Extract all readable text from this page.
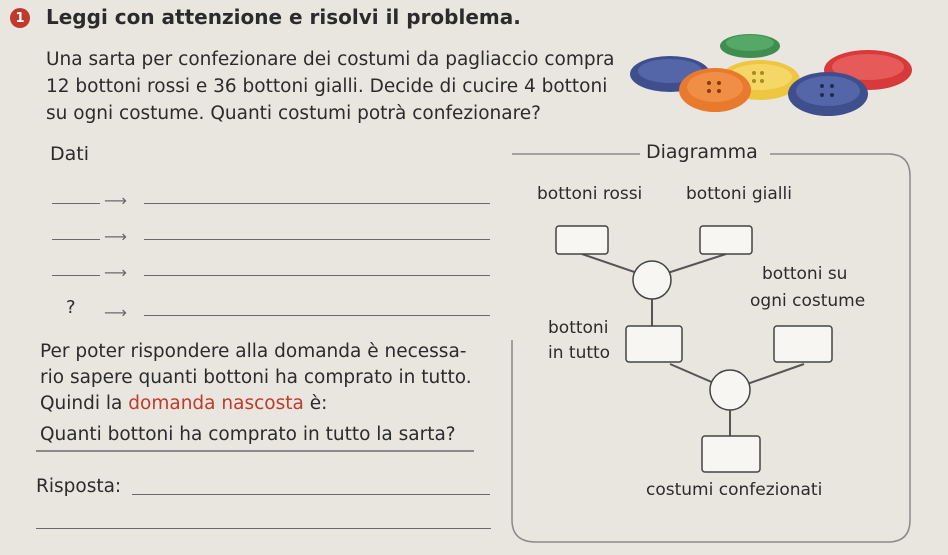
1 Leggi con attenzione e risolvi il problema.
Una sarta per confezionare dei costumi da pagliaccio compra
12 bottoni rossi e 36 bottoni gialli. Decide di cucire 4 bottoni
su ogni costume. Quanti costumi potrà confezionare?
Dati
⟶
⟶
⟶
? ⟶
Per poter rispondere alla domanda è necessa-
rio sapere quanti bottoni ha comprato in tutto.
Quindi la domanda nascosta è:
Quanti bottoni ha comprato in tutto la sarta?
Risposta:
Diagramma
bottoni rossi	bottoni gialli
bottoni su
ogni costume
bottoni
in tutto
costumi confezionati
